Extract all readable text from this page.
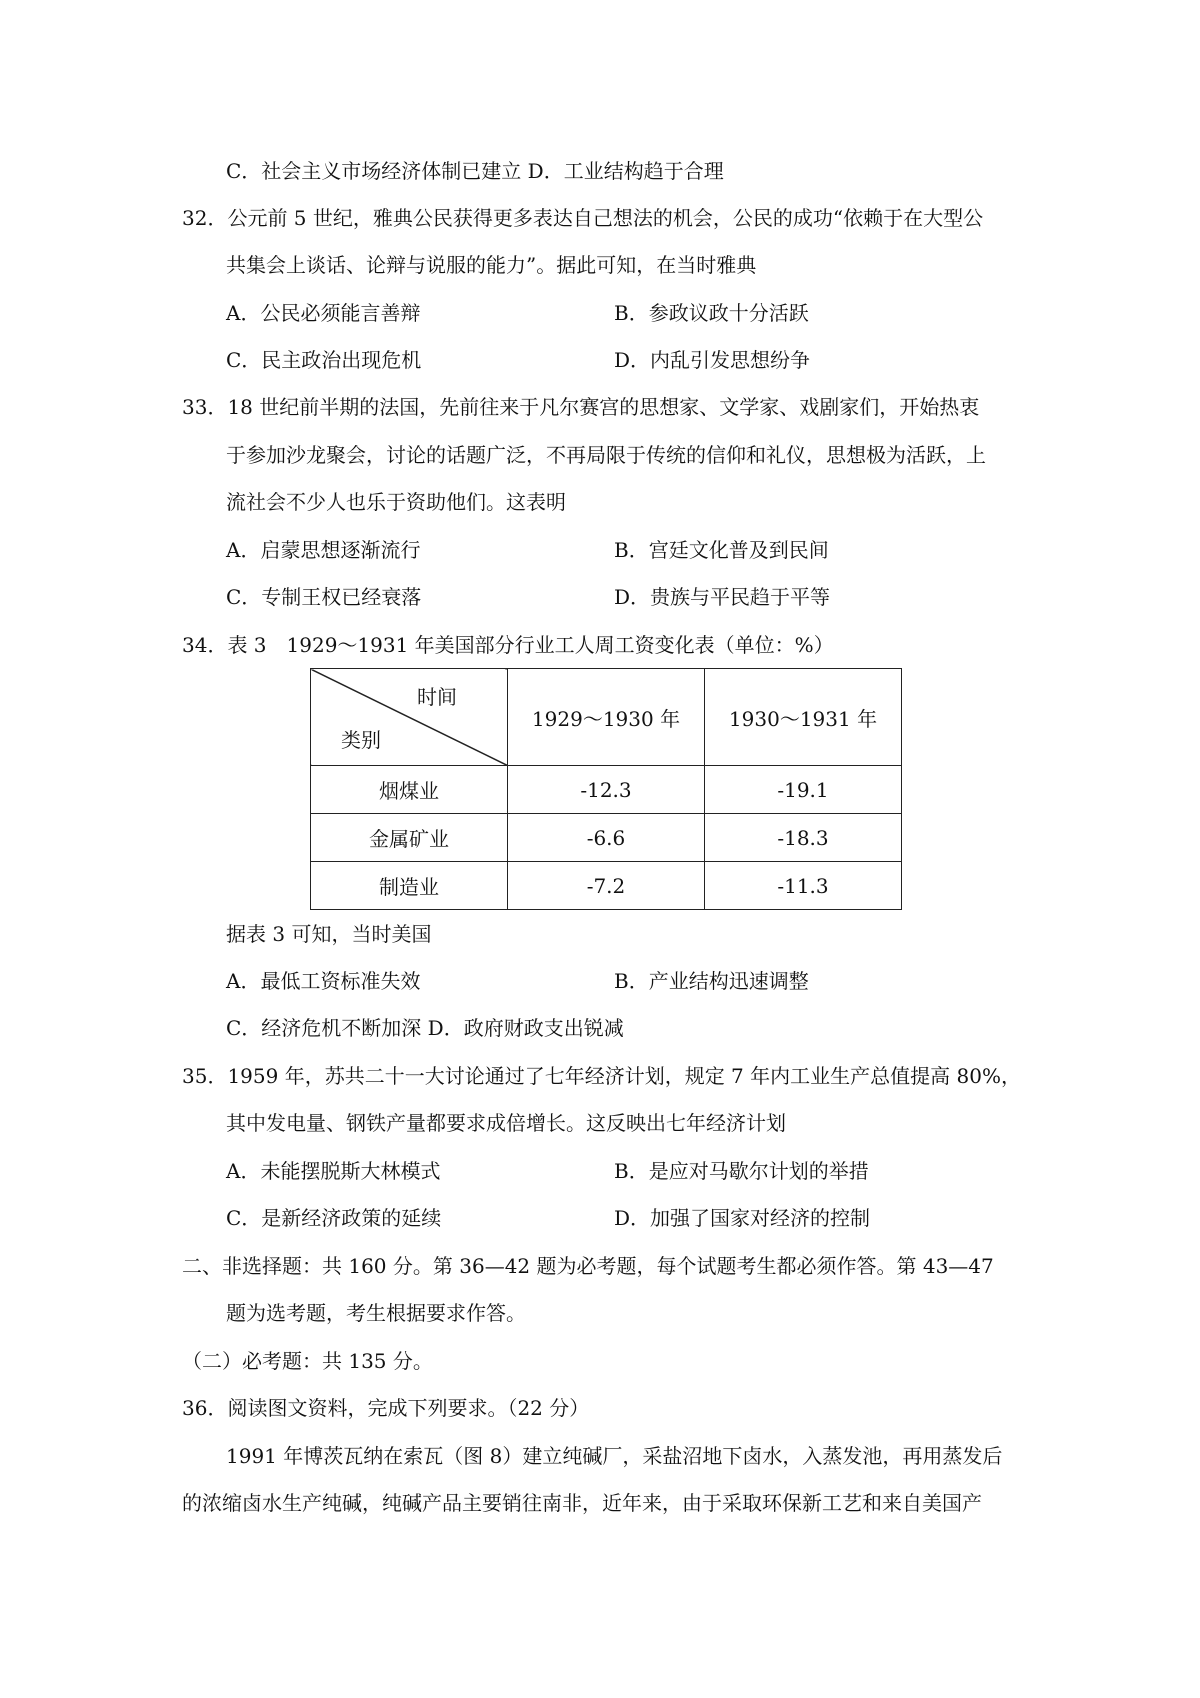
C．社会主义市场经济体制已建立 D．工业结构趋于合理
32．公元前 5 世纪，雅典公民获得更多表达自己想法的机会，公民的成功“依赖于在大型公
共集会上谈话、论辩与说服的能力”。据此可知，在当时雅典
A．公民必须能言善辩	B．参政议政十分活跃
C．民主政治出现危机	D．内乱引发思想纷争
33．18 世纪前半期的法国，先前往来于凡尔赛宫的思想家、文学家、戏剧家们，开始热衷
于参加沙龙聚会，讨论的话题广泛，不再局限于传统的信仰和礼仪，思想极为活跃，上
流社会不少人也乐于资助他们。这表明
A．启蒙思想逐渐流行	B．宫廷文化普及到民间
C．专制王权已经衰落	D．贵族与平民趋于平等
34．表 3　1929～1931 年美国部分行业工人周工资变化表（单位：%）
时间
类别	1929～1930 年	1930～1931 年
烟煤业	-12.3	-19.1
金属矿业	-6.6	-18.3
制造业	-7.2	-11.3
据表 3 可知，当时美国
A．最低工资标准失效	B．产业结构迅速调整
C．经济危机不断加深 D．政府财政支出锐减
35．1959 年，苏共二十一大讨论通过了七年经济计划，规定 7 年内工业生产总值提高 80%，
其中发电量、钢铁产量都要求成倍增长。这反映出七年经济计划
A．未能摆脱斯大林模式	B．是应对马歇尔计划的举措
C．是新经济政策的延续	D．加强了国家对经济的控制
二、非选择题：共 160 分。第 36—42 题为必考题，每个试题考生都必须作答。第 43—47
题为选考题，考生根据要求作答。
（二）必考题：共 135 分。
36．阅读图文资料，完成下列要求。（22 分）
1991 年博茨瓦纳在索瓦（图 8）建立纯碱厂，采盐沼地下卤水，入蒸发池，再用蒸发后
的浓缩卤水生产纯碱，纯碱产品主要销往南非，近年来，由于采取环保新工艺和来自美国产
